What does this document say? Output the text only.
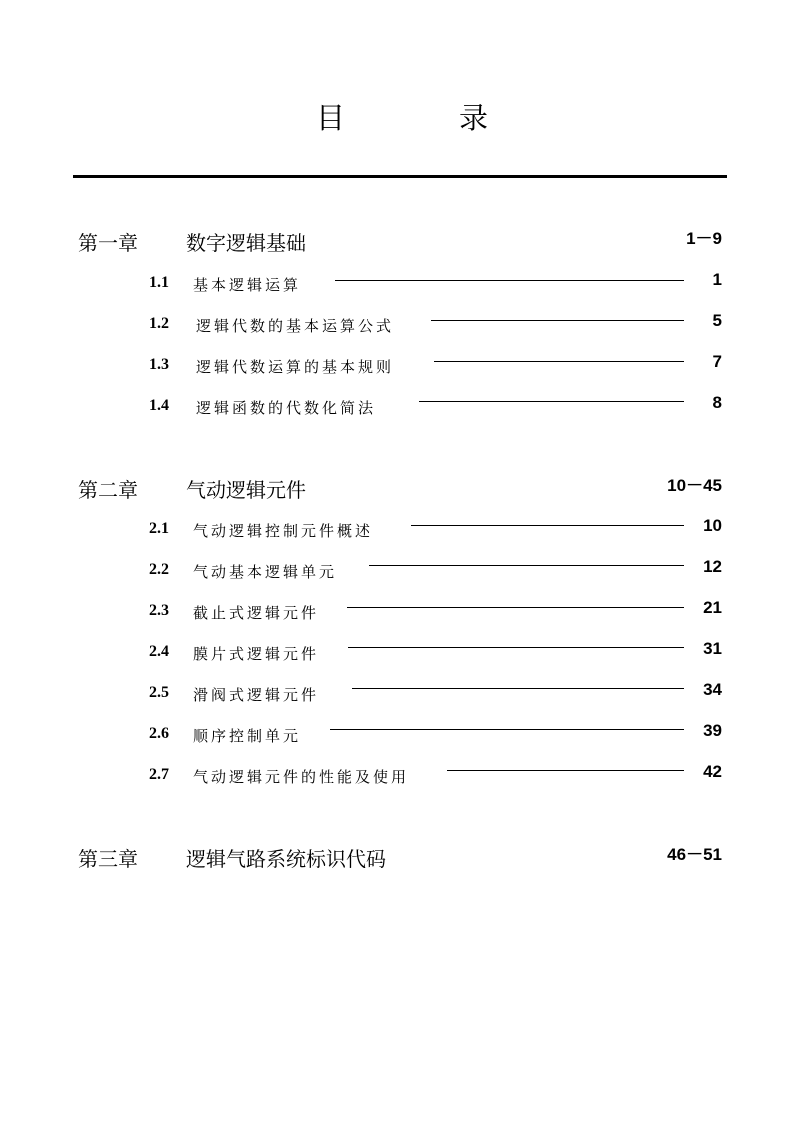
目	录
第一章 数字逻辑基础	1－9
1.1 基本逻辑运算	1
1.2 逻辑代数的基本运算公式	5
1.3 逻辑代数运算的基本规则	7
1.4 逻辑函数的代数化简法	8
第二章 气动逻辑元件	10－45
2.1 气动逻辑控制元件概述	10
2.2 气动基本逻辑单元	12
2.3 截止式逻辑元件	21
2.4 膜片式逻辑元件	31
2.5 滑阀式逻辑元件	34
2.6 顺序控制单元	39
2.7 气动逻辑元件的性能及使用	42
第三章 逻辑气路系统标识代码	46－51
